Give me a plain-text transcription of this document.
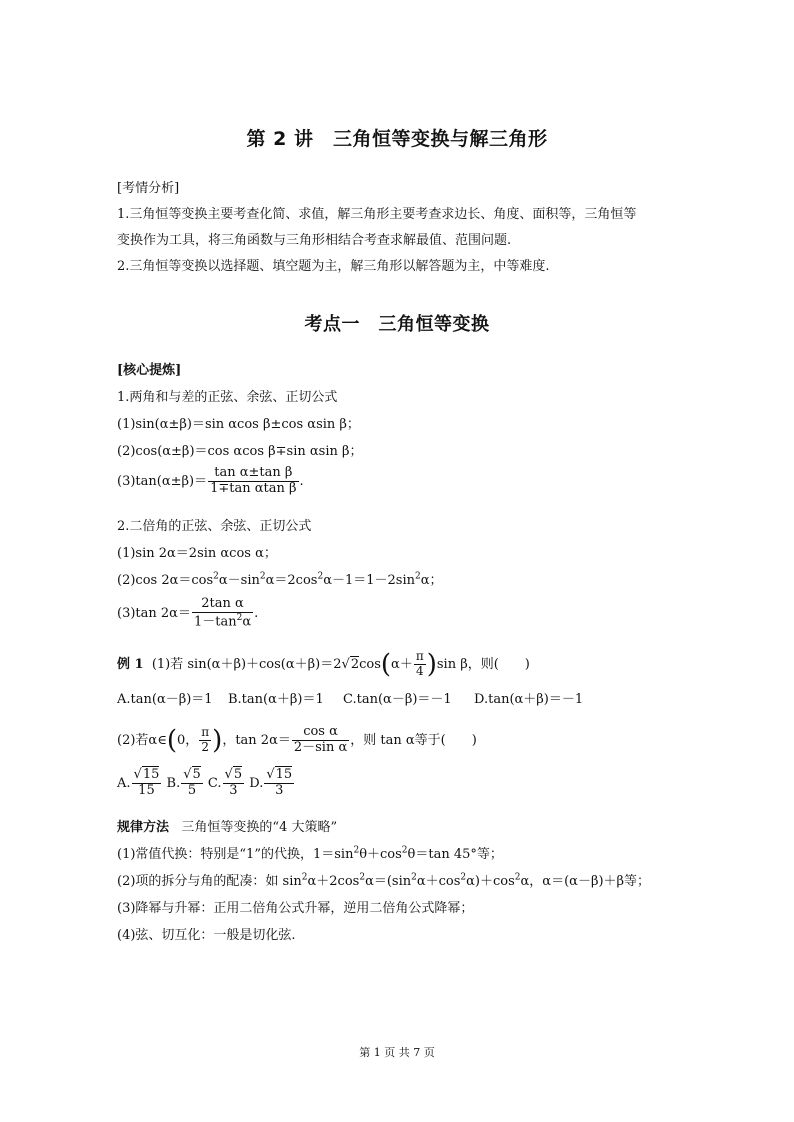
第 2 讲　三角恒等变换与解三角形
[考情分析]
1.三角恒等变换主要考查化简、求值，解三角形主要考查求边长、角度、面积等，三角恒等
变换作为工具，将三角函数与三角形相结合考查求解最值、范围问题.
2.三角恒等变换以选择题、填空题为主，解三角形以解答题为主，中等难度.
考点一　三角恒等变换
[核心提炼]
1.两角和与差的正弦、余弦、正切公式
(1)sin(α±β)＝sin αcos β±cos αsin β；
(2)cos(α±β)＝cos αcos β∓sin αsin β；
$(3)\tan(\alpha\pm\beta)= \frac{\text{tan α±tan β}}{\text{1∓tan αtan β}}$ .
2.二倍角的正弦、余弦、正切公式
(1)sin 2α＝2sin αcos α；
(2)cos $2\alpha=\cos^2\alpha-\sin^2\alpha=2\cos^2\alpha-1=1-2\sin^2\alpha$；
(3)tan $2\alpha= \frac{\text{2tan α}}{1-\tan^2\alpha}$ .
例 1 (1)若 $\sin(\alpha+\beta)+\cos(\alpha+\beta)=2√2\cos(\alpha+ \frac{\pi}{4} )\sin$ β，则(　　)
A.tan(α－β)＝1 B.tan(α＋β)＝1 C.tan(α－β)＝－1 D.tan(α＋β)＝－1
(2)若α∈(0， $\frac{\pi}{2}$ )，$\tan 2\alpha= \frac{\text{cos α}}{\text{2－sin α}}$ ，则 tan α等于(　　)
A. $\frac{√15}{15} B$. $\frac{√5}{5} C$. $\frac{√5}{3} D$. $\frac{√15}{3}$
规律方法 三角恒等变换的“4 大策略”
(1)常值代换：特别是“1”的代换，$1=\sin^2\theta+\cos^2\theta=\tan$ 45°等；
(2)项的拆分与角的配凑：如 $\sin^2\alpha+2\cos^2\alpha=(\sin^2\alpha+\cos^2\alpha)+\cos^2\alpha$，α＝(α－β)＋β等；
(3)降幂与升幂：正用二倍角公式升幂，逆用二倍角公式降幂；
(4)弦、切互化：一般是切化弦.
第 1 页 共 7 页
